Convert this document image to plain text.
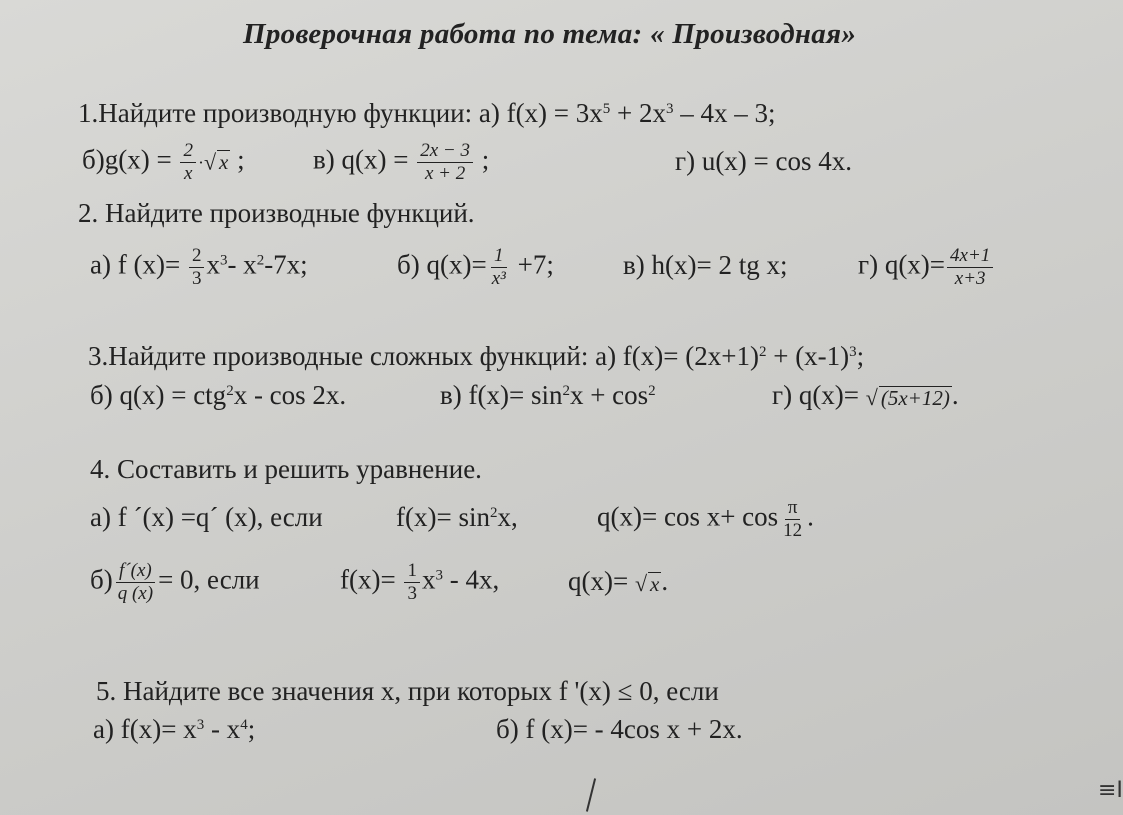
Проверочная работа по тема: « Производная»
1.Найдите производную функции: а) $f(x) = 3x^5 + 2x^3 - 4x - 3$;
$б)g(x) = \frac{2}{x}$ ·√ x ;	в) $q(x) = \frac{2x - 3}{x + 2}$ ;	г) u(x) = cos 4x.
2. Найдите производные функций.
а) f $(x)= \frac{2}{3} x^3-$ $x^2-7x$;	б) $q(x)= \frac{1}{\text{x³}} +7$;	в) h(x)= 2 tg x;	г) $q(x)= \frac{4x+1}{x+3}$
3.Найдите производные сложных функций: а) $f(x)= (2x+1)^2 + (x-1)^3$;
б) q(x) = ctg$^2$x - cos 2x.	в) $f(x)= \sin^2x + \cos^2$	г) q(x)= √ (5x+12).
4. Составить и решить уравнение.
а) f ´(x) =q´ (x), если	$f(x)= \sin^2x$,	$q(x)= \cos x+ \cos \frac{\pi}{12}$ .
$б) \frac{f´(x)}{q (x)} = 0$, если	$f(x)= \frac{1}{3} x^3 - 4x$,	q(x)= √ x.
5. Найдите все значения x, при которых f '(x) ≤ 0, если
а) $f(x)= x^3 - x^4$;	б) f (x)= - 4cos x + 2x.
≡I
